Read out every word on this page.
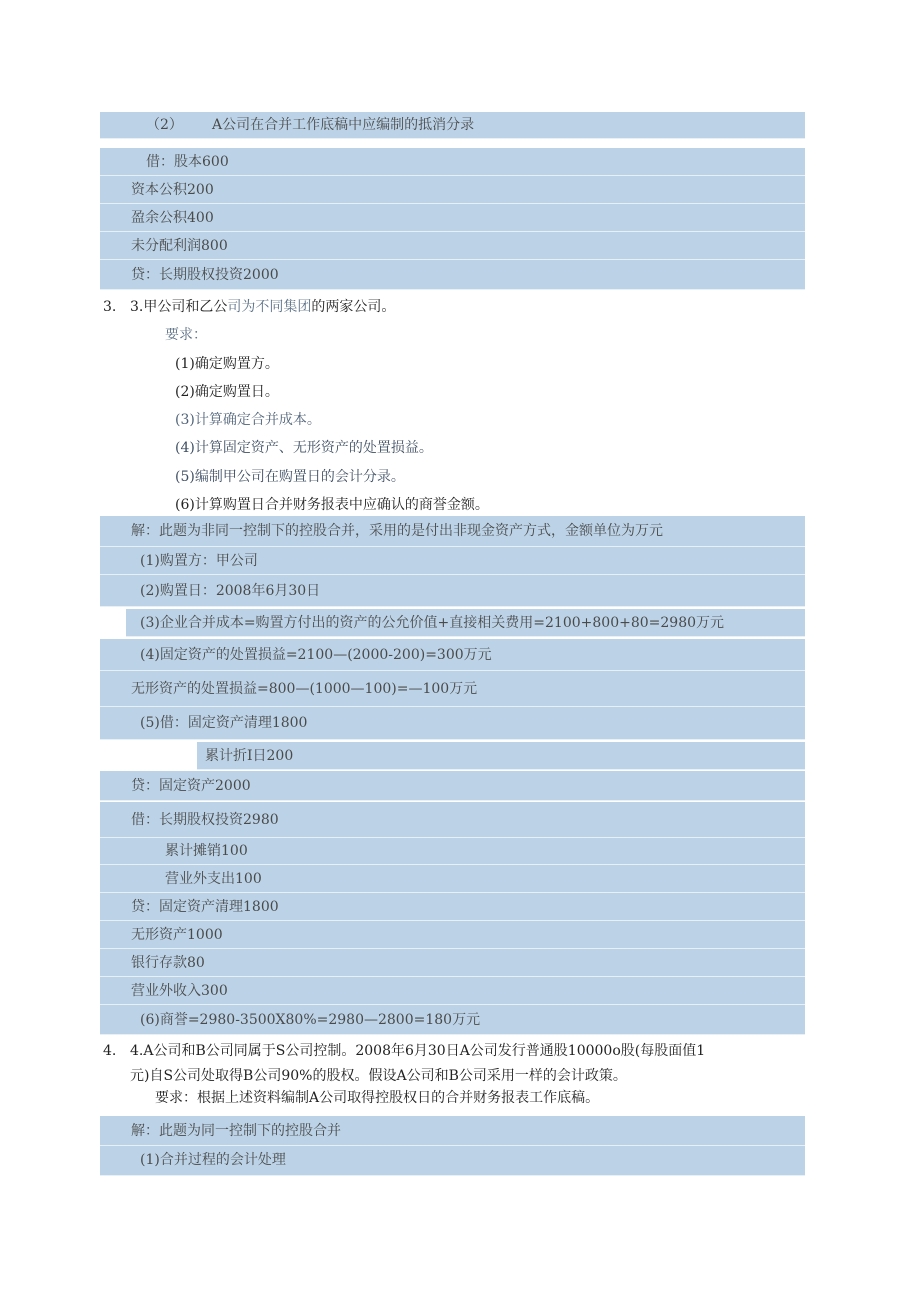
（2） A公司在合并工作底稿中应编制的抵消分录
借：股本600
资本公积200
盈余公积400
未分配利润800
贷：长期股权投资2000
3. 3.甲公司和乙公司为不同集团的两家公司。
要求：
(1)确定购置方。
(2)确定购置日。
(3)计算确定合并成本。
(4)计算固定资产、无形资产的处置损益。
(5)编制甲公司在购置日的会计分录。
(6)计算购置日合并财务报表中应确认的商誉金额。
解：此题为非同一控制下的控股合并，采用的是付出非现金资产方式，金额单位为万元
(1)购置方：甲公司
(2)购置日：2008年6月30日
(3)企业合并成本=购置方付出的资产的公允价值+直接相关费用=2100+800+80=2980万元
(4)固定资产的处置损益=2100—(2000-200)=300万元
无形资产的处置损益=800—(1000—100)=—100万元
(5)借：固定资产清理1800
累计折Ⅰ日200
贷：固定资产2000
借：长期股权投资2980
累计摊销100
营业外支出100
贷：固定资产清理1800
无形资产1000
银行存款80
营业外收入300
(6)商誉=2980-3500X80%=2980—2800=180万元
4. 4.A公司和B公司同属于S公司控制。2008年6月30日A公司发行普通股10000o股(每股面值1
元)自S公司处取得B公司90%的股权。假设A公司和B公司采用一样的会计政策。
要求：根据上述资料编制A公司取得控股权日的合并财务报表工作底稿。
解：此题为同一控制下的控股合并
(1)合并过程的会计处理
